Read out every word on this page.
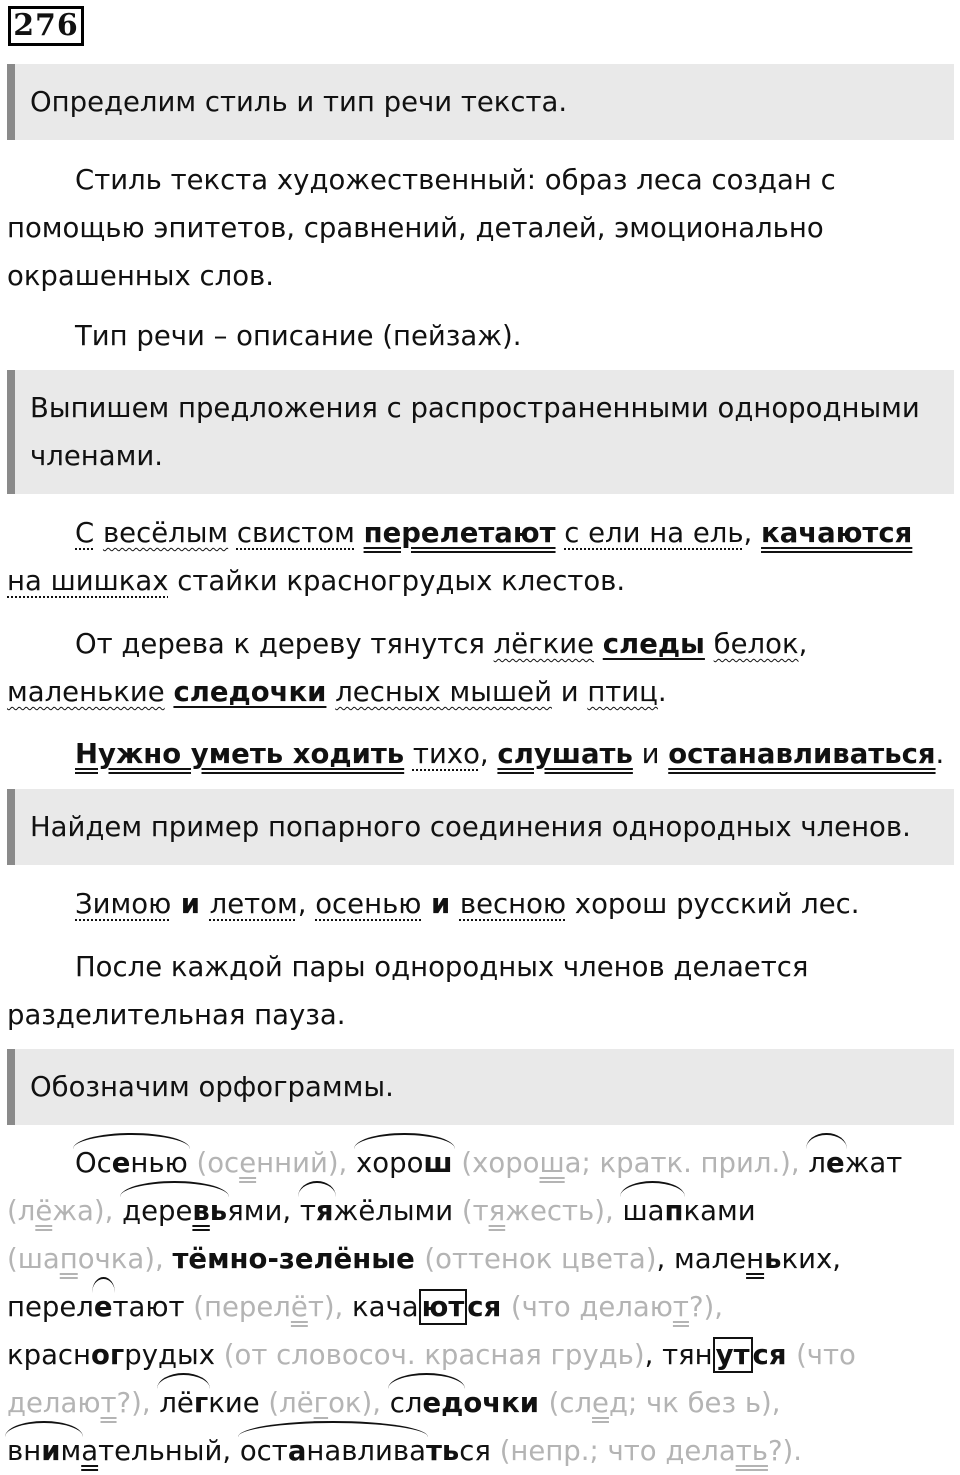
276
Определим стиль и тип речи текста.

Стиль текста художественный: образ леса создан с помощью эпитетов, сравнений, деталей, эмоционально окрашенных слов.

Тип речи – описание (пейзаж).

Выпишем предложения с распространенными однородными членами.

С весёлым свистом перелетают с ели на ель, качаются на шишках стайки красногрудых клестов.

От дерева к дереву тянутся лёгкие следы белок, маленькие следочки лесных мышей и птиц.

Нужно уметь ходить тихо, слушать и останавливаться.

Найдем пример попарного соединения однородных членов.

Зимою и летом, осенью и весною хорош русский лес.

После каждой пары однородных членов делается разделительная пауза.

Обозначим орфограммы.
Осенью (осенний), хорош (хороша; кратк. прил.), лежат
(лёжа), деревьями, тяжёлыми (тяжесть), шапками
(шапочка), тёмно-зелёные (оттенок цвета), маленьких,
перелетают (перелёт), кача ют ся (что делают?),
красногрудых (от словосоч. красная грудь), тян ут ся (что
делают?), лёгкие (лёгок), следочки (след; чк без ь),
внимательный, останавливаться (непр.; что делать?).
